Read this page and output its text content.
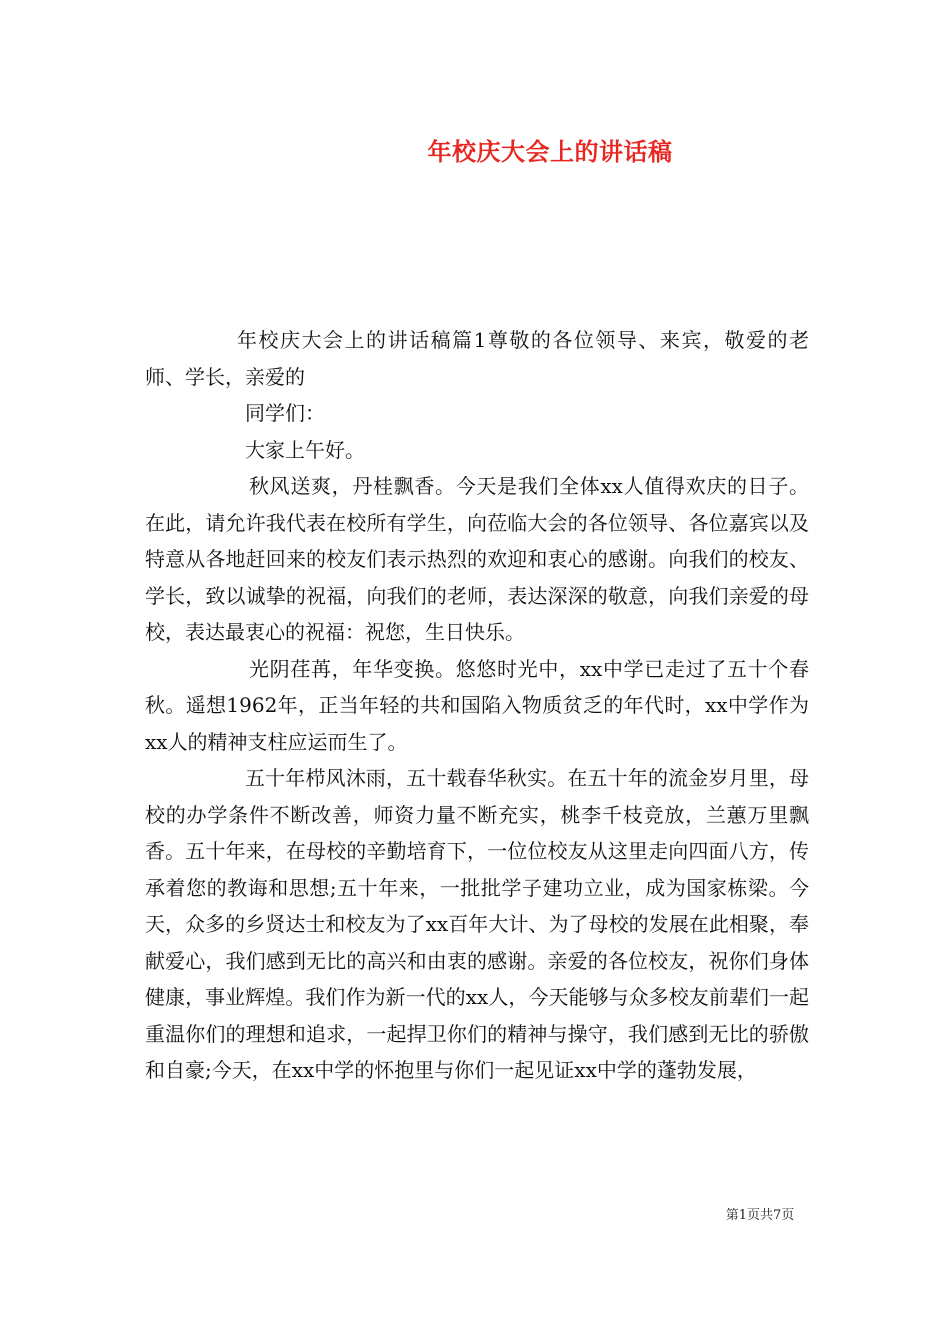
年校庆大会上的讲话稿

年校庆大会上的讲话稿篇1尊敬的各位领导、来宾，敬爱的老师、学长，亲爱的

同学们：

大家上午好。

秋风送爽，丹桂飘香。今天是我们全体xx人值得欢庆的日子。在此，请允许我代表在校所有学生，向莅临大会的各位领导、各位嘉宾以及特意从各地赶回来的校友们表示热烈的欢迎和衷心的感谢。向我们的校友、学长，致以诚挚的祝福，向我们的老师，表达深深的敬意，向我们亲爱的母校，表达最衷心的祝福：祝您，生日快乐。

光阴荏苒，年华变换。悠悠时光中，xx中学已走过了五十个春秋。遥想1962年，正当年轻的共和国陷入物质贫乏的年代时，xx中学作为xx人的精神支柱应运而生了。

五十年栉风沐雨，五十载春华秋实。在五十年的流金岁月里，母校的办学条件不断改善，师资力量不断充实，桃李千枝竞放，兰蕙万里飘香。五十年来，在母校的辛勤培育下，一位位校友从这里走向四面八方，传承着您的教诲和思想;五十年来，一批批学子建功立业，成为国家栋梁。今天，众多的乡贤达士和校友为了xx百年大计、为了母校的发展在此相聚，奉献爱心，我们感到无比的高兴和由衷的感谢。亲爱的各位校友，祝你们身体健康，事业辉煌。我们作为新一代的xx人，今天能够与众多校友前辈们一起重温你们的理想和追求，一起捍卫你们的精神与操守，我们感到无比的骄傲和自豪;今天，在xx中学的怀抱里与你们一起见证xx中学的蓬勃发展，

第1页共7页
